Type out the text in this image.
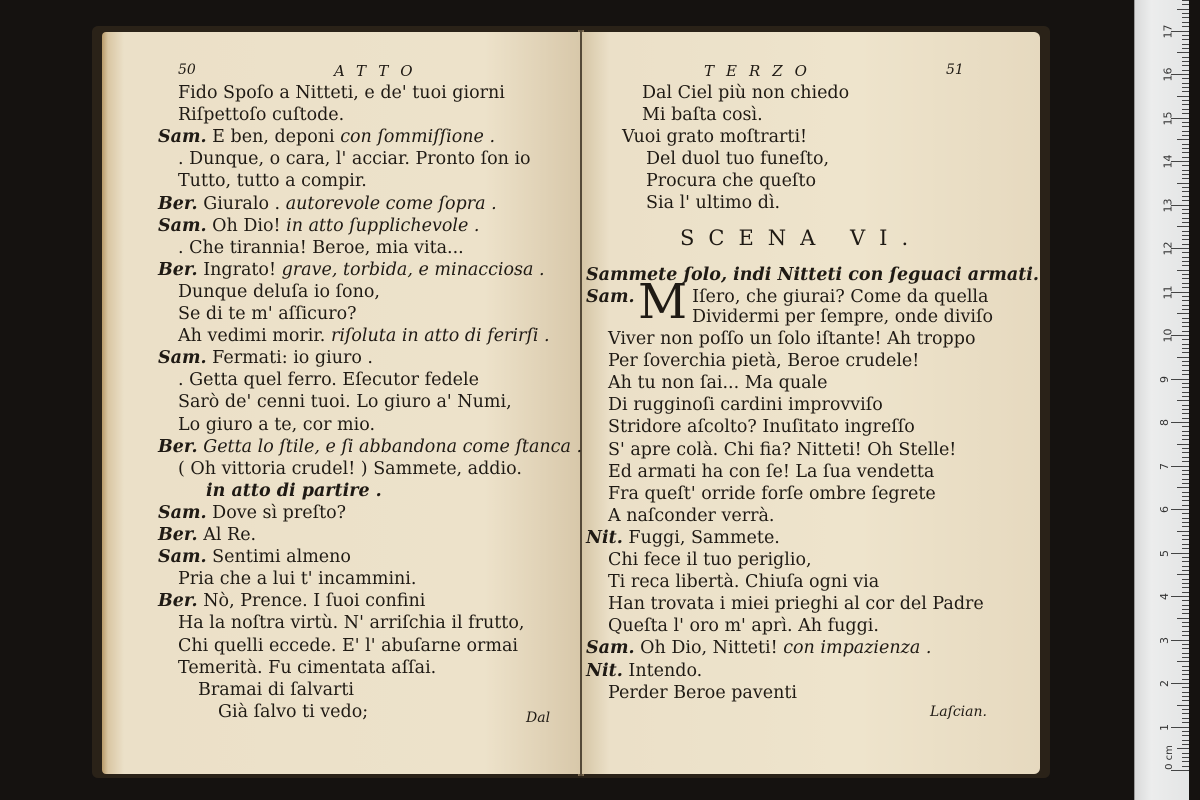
50	ATTO
Fido Spoſo a Nitteti, e de' tuoi giorni
Riſpettoſo cuſtode.
Sam. E ben, deponi con ſommiſſione .
. Dunque, o cara, l' acciar. Pronto ſon io
Tutto, tutto a compir.
Ber. Giuralo . autorevole come ſopra .
Sam. Oh Dio! in atto ſupplichevole .
. Che tirannia! Beroe, mia vita...
Ber. Ingrato! grave, torbida, e minacciosa .
Dunque deluſa io ſono,
Se di te m' aſſicuro?
Ah vedimi morir. riſoluta in atto di ferirſi .
Sam. Fermati: io giuro .
. Getta quel ferro. Eſecutor fedele
Sarò de' cenni tuoi. Lo giuro a' Numi,
Lo giuro a te, cor mio.
Ber. Getta lo ſtile, e ſi abbandona come ſtanca .
( Oh vittoria crudel! ) Sammete, addio.
in atto di partire .
Sam. Dove sì preſto?
Ber. Al Re.
Sam. Sentimi almeno
Pria che a lui t' incammini.
Ber. Nò, Prence. I ſuoi confini
Ha la noſtra virtù. N' arriſchia il frutto,
Chi quelli eccede. E' l' abuſarne ormai
Temerità. Fu cimentata aſſai.
Bramai di ſalvarti
Già ſalvo ti vedo;	Dal
TERZO	51
Dal Ciel più non chiedo
Mi baſta così.
Vuoi grato moſtrarti!
Del duol tuo funeſto,
Procura che queſto
Sia l' ultimo dì.
SCENA VI.
Sammete ſolo, indi Nitteti con ſeguaci armati.
M
Sam.	Iſero, che giurai? Come da quella
Dividermi per ſempre, onde diviſo
Viver non poſſo un ſolo iſtante! Ah troppo
Per ſoverchia pietà, Beroe crudele!
Ah tu non ſai... Ma quale
Di rugginoſi cardini improvviſo
Stridore aſcolto? Inuſitato ingreſſo
S' apre colà. Chi fia? Nitteti! Oh Stelle!
Ed armati ha con ſe! La ſua vendetta
Fra queſt' orride forſe ombre ſegrete
A naſconder verrà.
Nit. Fuggi, Sammete.
Chi fece il tuo periglio,
Ti reca libertà. Chiuſa ogni via
Han trovata i miei prieghi al cor del Padre
Queſta l' oro m' aprì. Ah fuggi.
Sam. Oh Dio, Nitteti! con impazienza .
Nit. Intendo.
Perder Beroe paventi
Laſcian.
17
16
15
14
13
12
11
10
9
8
7
6
5
4
3
2
1
0 cm
